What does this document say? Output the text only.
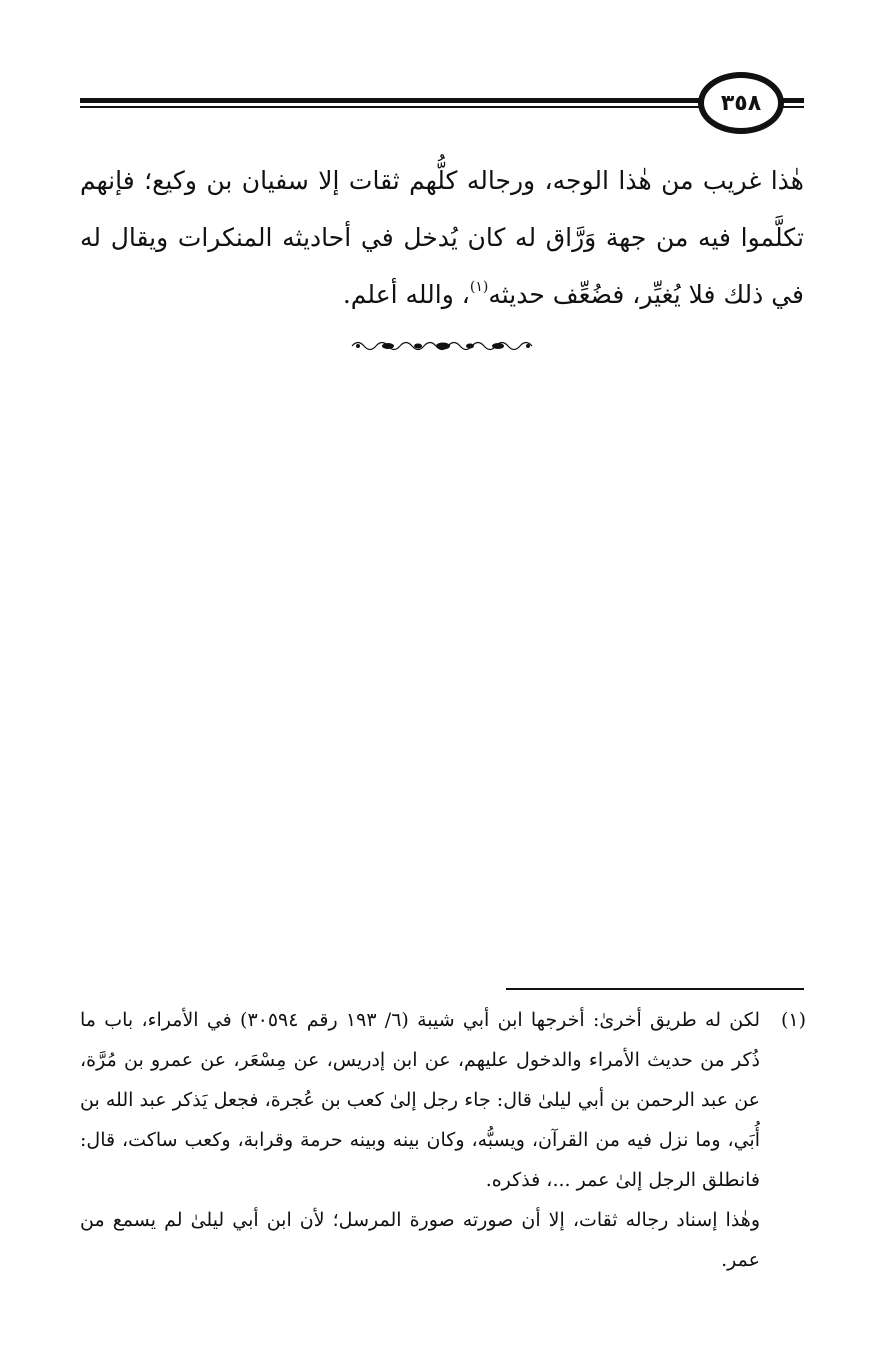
٣٥٨

هٰذا غريب من هٰذا الوجه، ورجاله كلُّهم ثقات إلا سفيان بن وكيع؛ فإنهم تكلَّموا فيه من جهة وَرَّاق له كان يُدخل في أحاديثه المنكرات ويقال له في ذلك فلا يُغيِّر، فضُعِّف حديثه$^{(١)}$، والله أعلم.

(١)

لكن له طريق أخرىٰ: أخرجها ابن أبي شيبة (٦/ ١٩٣ رقم ٣٠٥٩٤) في الأمراء، باب ما ذُكر من حديث الأمراء والدخول عليهم، عن ابن إدريس، عن مِسْعَر، عن عمرو بن مُرَّة، عن عبد الرحمن بن أبي ليلىٰ قال: جاء رجل إلىٰ كعب بن عُجرة، فجعل يَذكر عبد الله بن أُبَي، وما نزل فيه من القرآن، ويسبُّه، وكان بينه وبينه حرمة وقرابة، وكعب ساكت، قال: فانطلق الرجل إلىٰ عمر ...، فذكره.

وهٰذا إسناد رجاله ثقات، إلا أن صورته صورة المرسل؛ لأن ابن أبي ليلىٰ لم يسمع من عمر.
